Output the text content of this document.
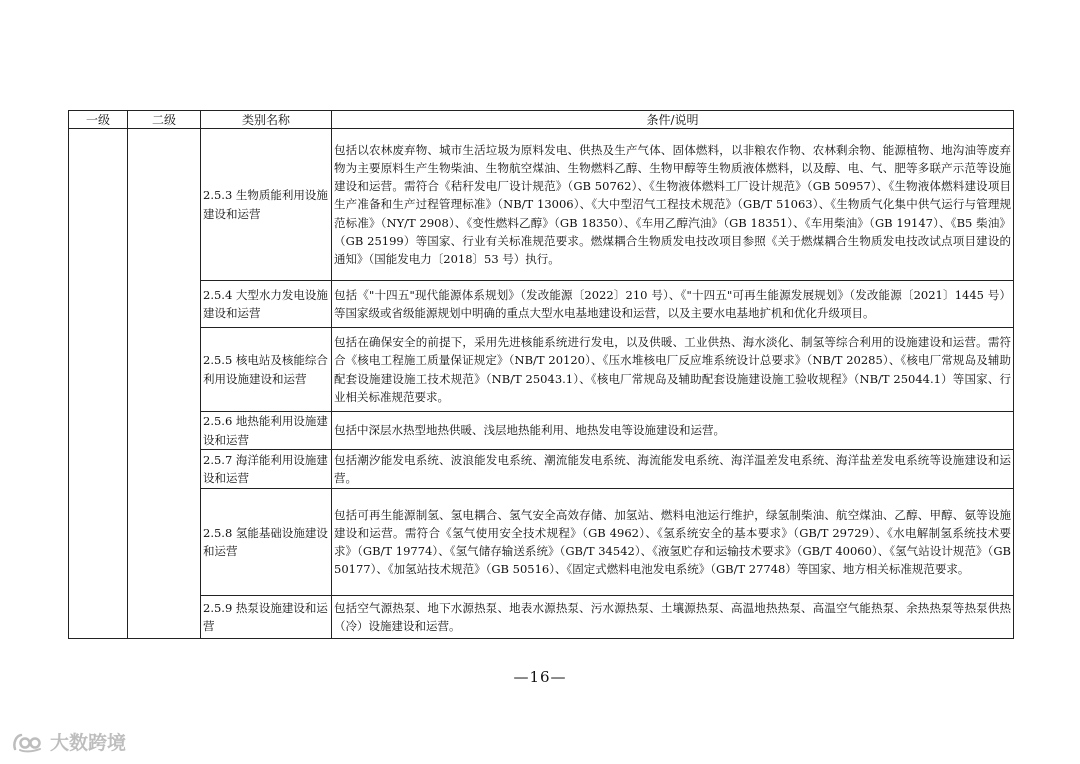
一级	二级	类别名称	条件/说明
		2.5.3 生物质能利用设施建设和运营	包括以农林废弃物、城市生活垃圾为原料发电、供热及生产气体、固体燃料，以非粮农作物、农林剩余物、能源植物、地沟油等废弃物为主要原料生产生物柴油、生物航空煤油、生物燃料乙醇、生物甲醇等生物质液体燃料，以及醇、电、气、肥等多联产示范等设施建设和运营。需符合《秸秆发电厂设计规范》（GB 50762）、《生物液体燃料工厂设计规范》（GB 50957）、《生物液体燃料建设项目生产准备和生产过程管理标准》（NB/T 13006）、《大中型沼气工程技术规范》（GB/T 51063）、《生物质气化集中供气运行与管理规范标准》（NY/T 2908）、《变性燃料乙醇》（GB 18350）、《车用乙醇汽油》（GB 18351）、《车用柴油》（GB 19147）、《B5 柴油》（GB 25199）等国家、行业有关标准规范要求。燃煤耦合生物质发电技改项目参照《关于燃煤耦合生物质发电技改试点项目建设的通知》（国能发电力〔2018〕53 号）执行。
		2.5.4 大型水力发电设施建设和运营	包括《"十四五"现代能源体系规划》（发改能源〔2022〕210 号）、《"十四五"可再生能源发展规划》（发改能源〔2021〕1445 号）等国家级或省级能源规划中明确的重点大型水电基地建设和运营，以及主要水电基地扩机和优化升级项目。
		2.5.5 核电站及核能综合利用设施建设和运营	包括在确保安全的前提下，采用先进核能系统进行发电，以及供暖、工业供热、海水淡化、制氢等综合利用的设施建设和运营。需符合《核电工程施工质量保证规定》（NB/T 20120）、《压水堆核电厂反应堆系统设计总要求》（NB/T 20285）、《核电厂常规岛及辅助配套设施建设施工技术规范》（NB/T 25043.1）、《核电厂常规岛及辅助配套设施建设施工验收规程》（NB/T 25044.1）等国家、行业相关标准规范要求。
		2.5.6 地热能利用设施建设和运营	包括中深层水热型地热供暖、浅层地热能利用、地热发电等设施建设和运营。
		2.5.7 海洋能利用设施建设和运营	包括潮汐能发电系统、波浪能发电系统、潮流能发电系统、海流能发电系统、海洋温差发电系统、海洋盐差发电系统等设施建设和运营。
		2.5.8 氢能基础设施建设和运营	包括可再生能源制氢、氢电耦合、氢气安全高效存储、加氢站、燃料电池运行维护，绿氢制柴油、航空煤油、乙醇、甲醇、氨等设施建设和运营。需符合《氢气使用安全技术规程》（GB 4962）、《氢系统安全的基本要求》（GB/T 29729）、《水电解制氢系统技术要求》（GB/T 19774）、《氢气储存输送系统》（GB/T 34542）、《液氢贮存和运输技术要求》（GB/T 40060）、《氢气站设计规范》（GB 50177）、《加氢站技术规范》（GB 50516）、《固定式燃料电池发电系统》（GB/T 27748）等国家、地方相关标准规范要求。
		2.5.9 热泵设施建设和运营	包括空气源热泵、地下水源热泵、地表水源热泵、污水源热泵、土壤源热泵、高温地热热泵、高温空气能热泵、余热热泵等热泵供热（冷）设施建设和运营。
—16—
大数跨境
